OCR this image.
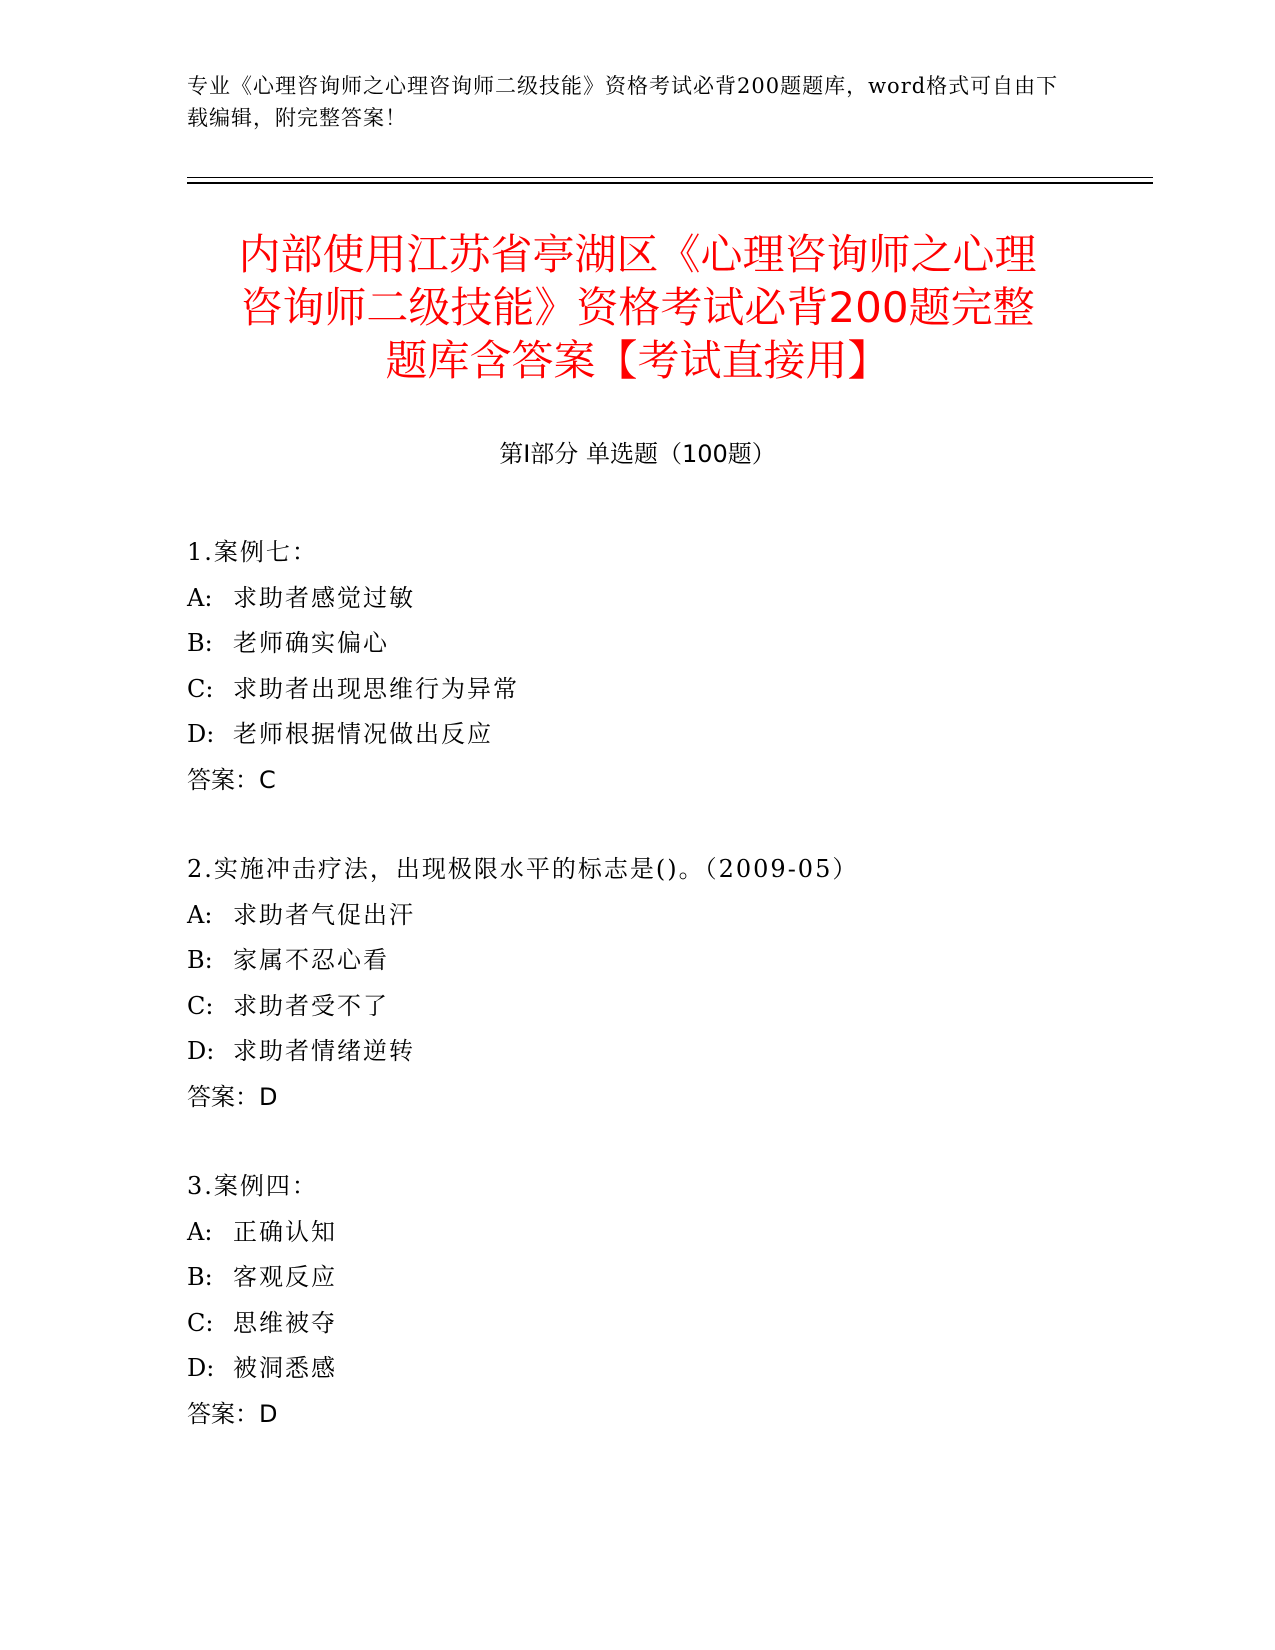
专业《心理咨询师之心理咨询师二级技能》资格考试必背200题题库，word格式可自由下载编辑，附完整答案！
内部使用江苏省亭湖区《心理咨询师之心理
咨询师二级技能》资格考试必背200题完整
题库含答案【考试直接用】
第Ⅰ部分 单选题（100题）
1.案例七：
A: 求助者感觉过敏
B: 老师确实偏心
C: 求助者出现思维行为异常
D: 老师根据情况做出反应
答案：C
2.实施冲击疗法，出现极限水平的标志是()。（2009-05）
A: 求助者气促出汗
B: 家属不忍心看
C: 求助者受不了
D: 求助者情绪逆转
答案：D
3.案例四：
A: 正确认知
B: 客观反应
C: 思维被夺
D: 被洞悉感
答案：D
